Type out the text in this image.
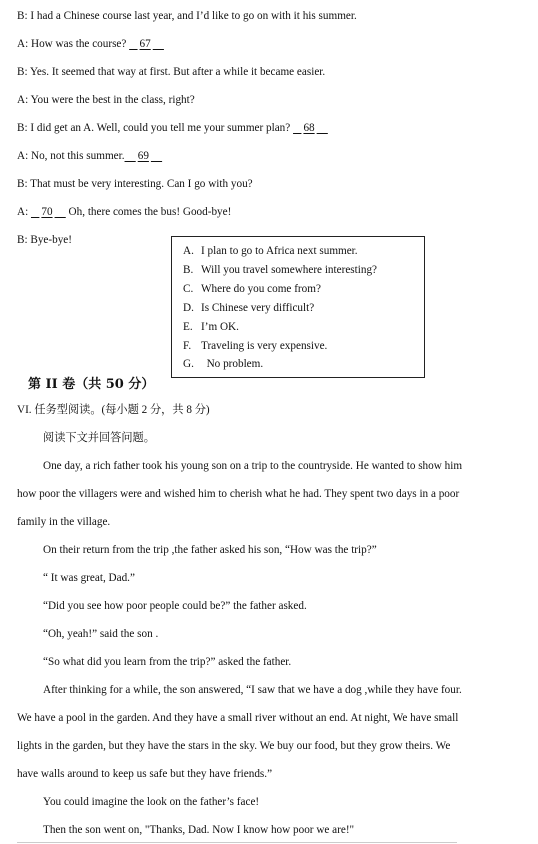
B: I had a Chinese course last year, and I’d like to go on with it his summer.
A: How was the course? 67
B: Yes. It seemed that way at first. But after a while it became easier.
A: You were the best in the class, right?
B: I did get an A. Well, could you tell me your summer plan? 68
A: No, not this summer. 69
B: That must be very interesting. Can I go with you?
A: 70 Oh, there comes the bus! Good-bye!
B: Bye-bye!
A. I plan to go to Africa next summer.
B. Will you travel somewhere interesting?
C. Where do you come from?
D. Is Chinese very difficult?
E. I’m OK.
F. Traveling is very expensive.
G.  No problem.
第 II 卷（共 50 分）
VI. 任务型阅读。(每小题 2 分，共 8 分)
阅读下文并回答问题。
One day, a rich father took his young son on a trip to the countryside. He wanted to show him
how poor the villagers were and wished him to cherish what he had. They spent two days in a poor
family in the village.
On their return from the trip ,the father asked his son, “How was the trip?”
“ It was great, Dad.”
“Did you see how poor people could be?” the father asked.
“Oh, yeah!” said the son .
“So what did you learn from the trip?” asked the father.
After thinking for a while, the son answered, “I saw that we have a dog ,while they have four.
We have a pool in the garden. And they have a small river without an end. At night, We have small
lights in the garden, but they have the stars in the sky. We buy our food, but they grow theirs. We
have walls around to keep us safe but they have friends.”
You could imagine the look on the father’s face!
Then the son went on, "Thanks, Dad. Now I know how poor we are!"
